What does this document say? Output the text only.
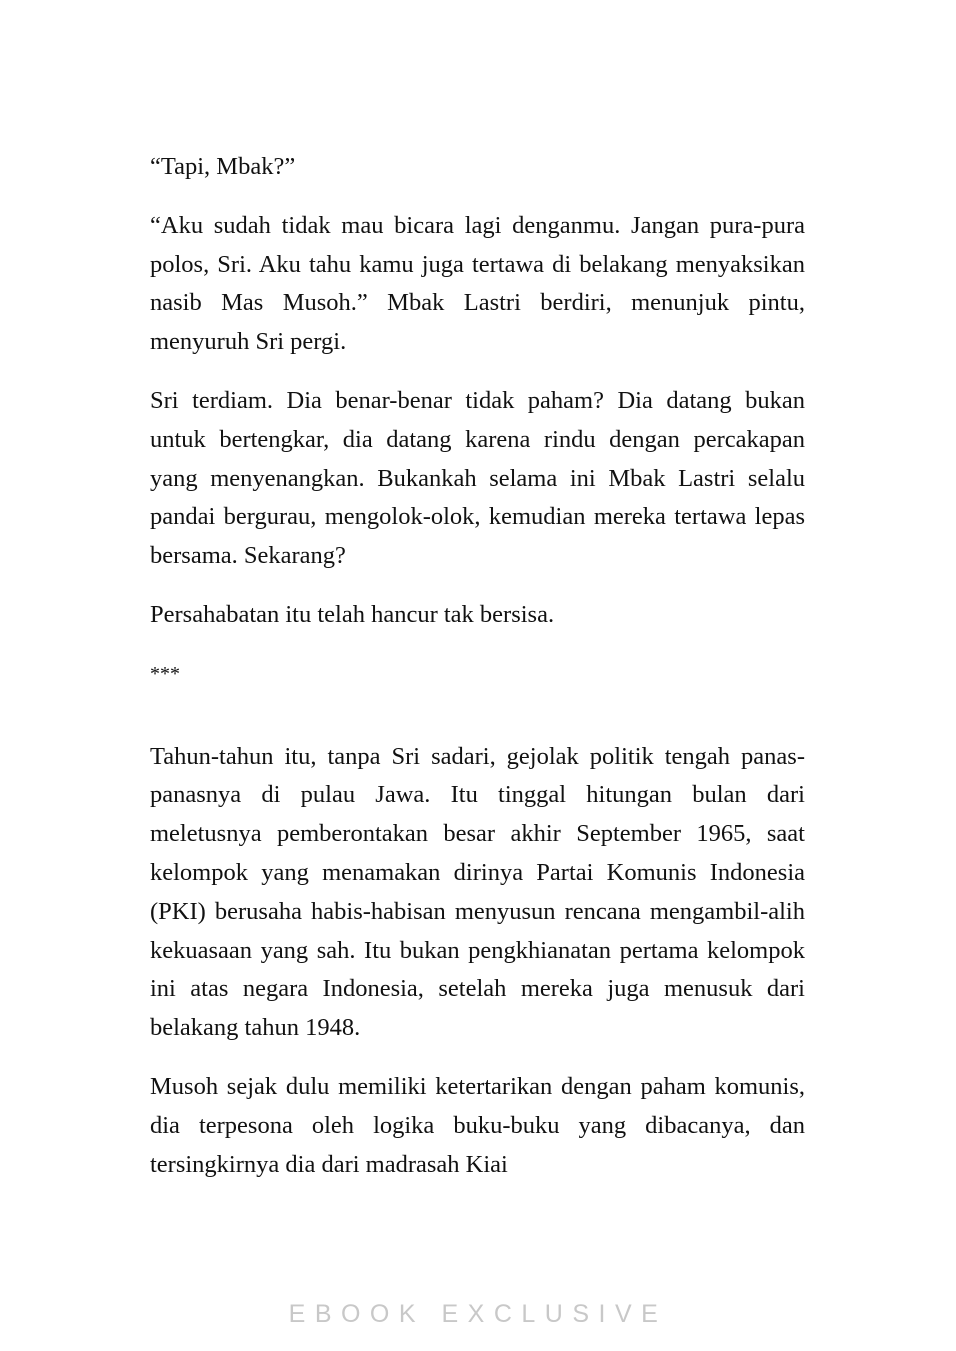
“Tapi, Mbak?”

“Aku sudah tidak mau bicara lagi denganmu. Jangan pura-pura polos, Sri. Aku tahu kamu juga tertawa di belakang menyaksikan nasib Mas Musoh.” Mbak Lastri berdiri, menunjuk pintu, menyuruh Sri pergi.

Sri terdiam. Dia benar-benar tidak paham? Dia datang bukan untuk bertengkar, dia datang karena rindu dengan percakapan yang menyenangkan. Bukankah selama ini Mbak Lastri selalu pandai bergurau, mengolok-olok, kemudian mereka tertawa lepas bersama. Sekarang?

Persahabatan itu telah hancur tak bersisa.

***

Tahun-tahun itu, tanpa Sri sadari, gejolak politik tengah panas-panasnya di pulau Jawa. Itu tinggal hitungan bulan dari meletusnya pemberontakan besar akhir September 1965, saat kelompok yang menamakan dirinya Partai Komunis Indonesia (PKI) berusaha habis-habisan menyusun rencana mengambil-alih kekuasaan yang sah. Itu bukan pengkhianatan pertama kelompok ini atas negara Indonesia, setelah mereka juga menusuk dari belakang tahun 1948.

Musoh sejak dulu memiliki ketertarikan dengan paham komunis, dia terpesona oleh logika buku-buku yang dibacanya, dan tersingkirnya dia dari madrasah Kiai

EBOOK EXCLUSIVE
